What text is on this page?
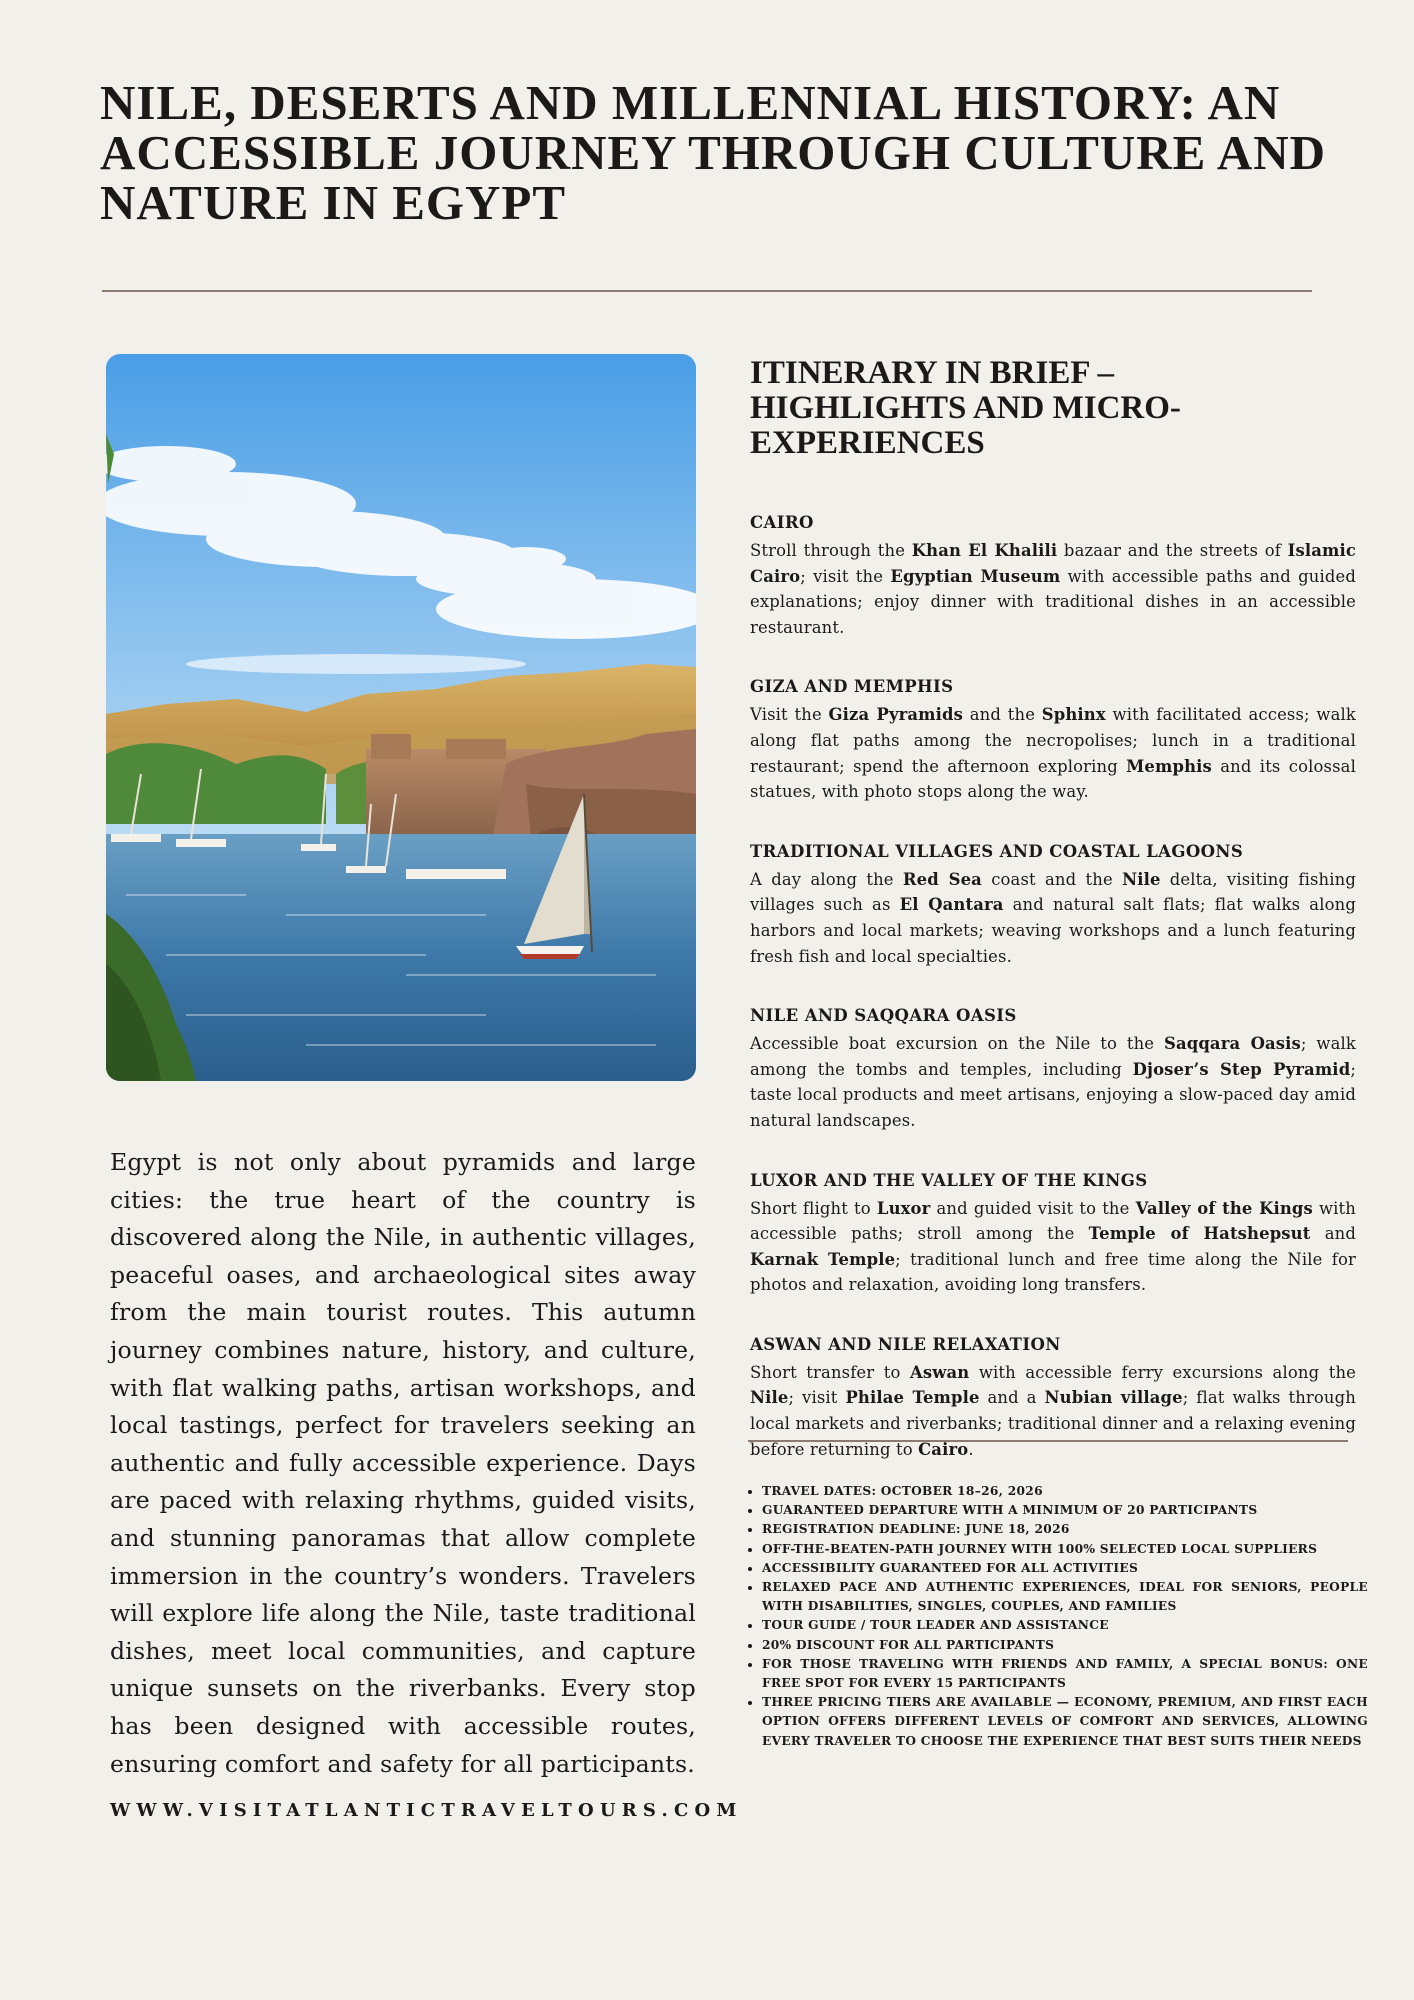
NILE, DESERTS AND MILLENNIAL HISTORY: AN ACCESSIBLE JOURNEY THROUGH CULTURE AND NATURE IN EGYPT

Egypt is not only about pyramids and large cities: the true heart of the country is discovered along the Nile, in authentic villages, peaceful oases, and archaeological sites away from the main tourist routes. This autumn journey combines nature, history, and culture, with flat walking paths, artisan workshops, and local tastings, perfect for travelers seeking an authentic and fully accessible experience. Days are paced with relaxing rhythms, guided visits, and stunning panoramas that allow complete immersion in the country’s wonders. Travelers will explore life along the Nile, taste traditional dishes, meet local communities, and capture unique sunsets on the riverbanks. Every stop has been designed with accessible routes, ensuring comfort and safety for all participants.

WWW.VISITATLANTICTRAVELTOURS.COM
ITINERARY IN BRIEF – HIGHLIGHTS AND MICRO-EXPERIENCES
CAIRO

Stroll through the Khan El Khalili bazaar and the streets of Islamic Cairo; visit the Egyptian Museum with accessible paths and guided explanations; enjoy dinner with traditional dishes in an accessible restaurant.

GIZA AND MEMPHIS

Visit the Giza Pyramids and the Sphinx with facilitated access; walk along flat paths among the necropolises; lunch in a traditional restaurant; spend the afternoon exploring Memphis and its colossal statues, with photo stops along the way.

TRADITIONAL VILLAGES AND COASTAL LAGOONS

A day along the Red Sea coast and the Nile delta, visiting fishing villages such as El Qantara and natural salt flats; flat walks along harbors and local markets; weaving workshops and a lunch featuring fresh fish and local specialties.

NILE AND SAQQARA OASIS

Accessible boat excursion on the Nile to the Saqqara Oasis; walk among the tombs and temples, including Djoser’s Step Pyramid; taste local products and meet artisans, enjoying a slow-paced day amid natural landscapes.

LUXOR AND THE VALLEY OF THE KINGS

Short flight to Luxor and guided visit to the Valley of the Kings with accessible paths; stroll among the Temple of Hatshepsut and Karnak Temple; traditional lunch and free time along the Nile for photos and relaxation, avoiding long transfers.

ASWAN AND NILE RELAXATION

Short transfer to Aswan with accessible ferry excursions along the Nile; visit Philae Temple and a Nubian village; flat walks through local markets and riverbanks; traditional dinner and a relaxing evening before returning to Cairo.

• TRAVEL DATES: OCTOBER 18–26, 2026
• GUARANTEED DEPARTURE WITH A MINIMUM OF 20 PARTICIPANTS
• REGISTRATION DEADLINE: JUNE 18, 2026
• OFF-THE-BEATEN-PATH JOURNEY WITH 100% SELECTED LOCAL SUPPLIERS
• ACCESSIBILITY GUARANTEED FOR ALL ACTIVITIES
• RELAXED PACE AND AUTHENTIC EXPERIENCES, IDEAL FOR SENIORS, PEOPLE WITH DISABILITIES, SINGLES, COUPLES, AND FAMILIES
• TOUR GUIDE / TOUR LEADER AND ASSISTANCE
• 20% DISCOUNT FOR ALL PARTICIPANTS
• FOR THOSE TRAVELING WITH FRIENDS AND FAMILY, A SPECIAL BONUS: ONE FREE SPOT FOR EVERY 15 PARTICIPANTS
• THREE PRICING TIERS ARE AVAILABLE — ECONOMY, PREMIUM, AND FIRST EACH OPTION OFFERS DIFFERENT LEVELS OF COMFORT AND SERVICES, ALLOWING EVERY TRAVELER TO CHOOSE THE EXPERIENCE THAT BEST SUITS THEIR NEEDS
